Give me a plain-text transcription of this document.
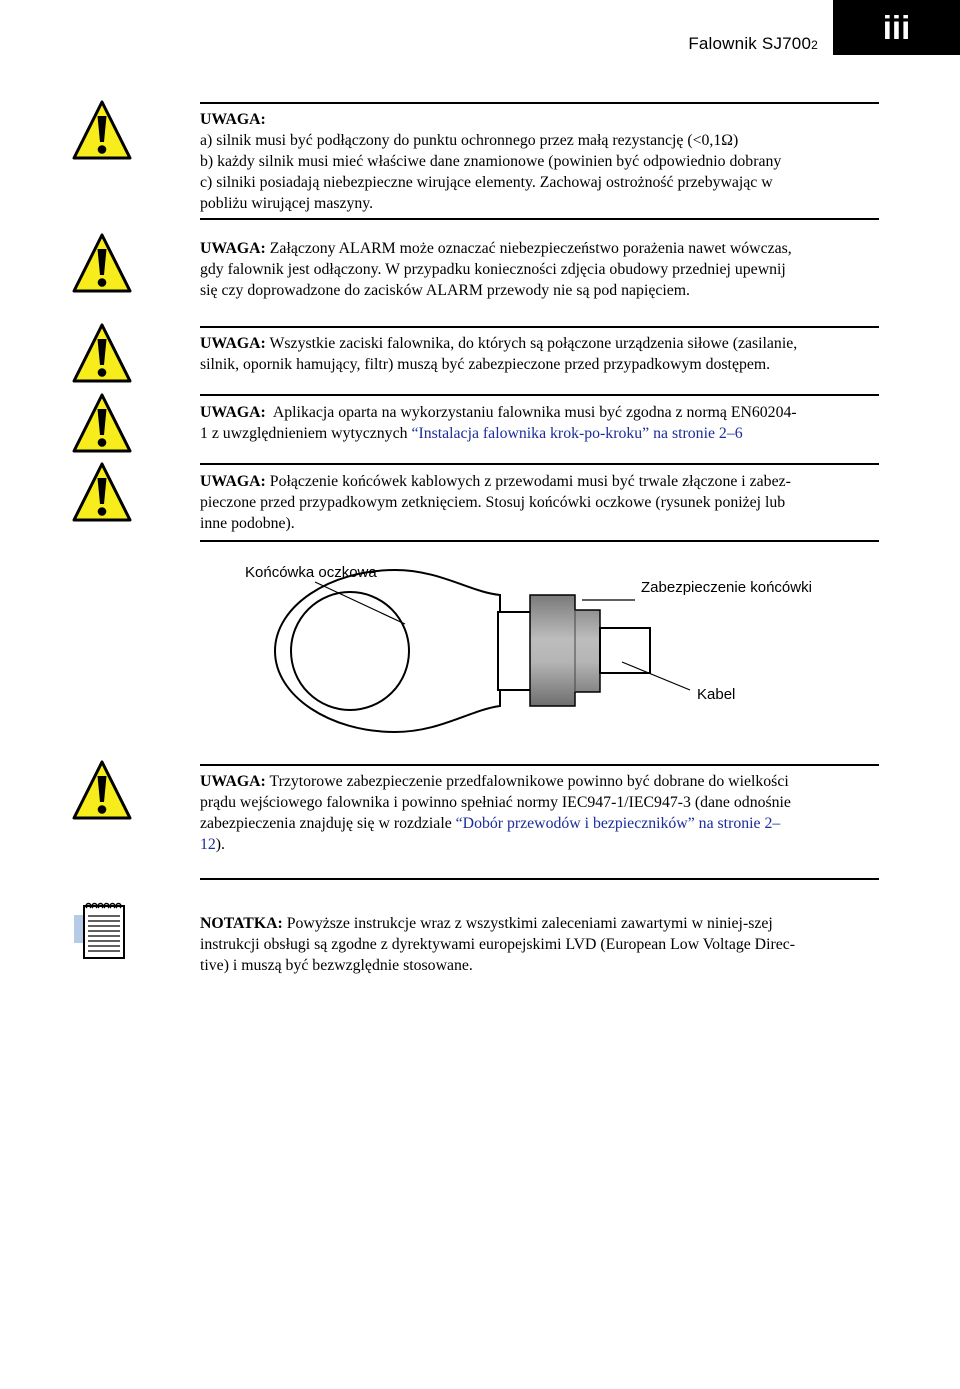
Falownik SJ7002	iii
UWAGA:
a) silnik musi być podłączony do punktu ochronnego przez małą rezystancję (<0,1Ω)
b) każdy silnik musi mieć właściwe dane znamionowe (powinien być odpowiednio dobrany
c) silniki posiadają niebezpieczne wirujące elementy. Zachowaj ostrożność przebywając w
pobliżu wirującej maszyny.
UWAGA: Załączony ALARM może oznaczać niebezpieczeństwo porażenia nawet wówczas,
gdy falownik jest odłączony. W przypadku konieczności zdjęcia obudowy przedniej upewnij
się czy doprowadzone do zacisków ALARM przewody nie są pod napięciem.
UWAGA: Wszystkie zaciski falownika, do których są połączone urządzenia siłowe (zasilanie,
silnik, opornik hamujący, filtr) muszą być zabezpieczone przed przypadkowym dostępem.
UWAGA: Aplikacja oparta na wykorzystaniu falownika musi być zgodna z normą EN60204-
1 z uwzględnieniem wytycznych “Instalacja falownika krok-po-kroku” na stronie 2–6
UWAGA: Połączenie końcówek kablowych z przewodami musi być trwale złączone i zabez-
pieczone przed przypadkowym zetknięciem. Stosuj końcówki oczkowe (rysunek poniżej lub
inne podobne).
Końcówka oczkowa
Zabezpieczenie końcówki
Kabel
UWAGA: Trzytorowe zabezpieczenie przedfalownikowe powinno być dobrane do wielkości
prądu wejściowego falownika i powinno spełniać normy IEC947-1/IEC947-3 (dane odnośnie
zabezpieczenia znajduję się w rozdziale “Dobór przewodów i bezpieczników” na stronie 2–
12).
NOTATKA: Powyższe instrukcje wraz z wszystkimi zaleceniami zawartymi w niniej-szej
instrukcji obsługi są zgodne z dyrektywami europejskimi LVD (European Low Voltage Direc-
tive) i muszą być bezwzględnie stosowane.
